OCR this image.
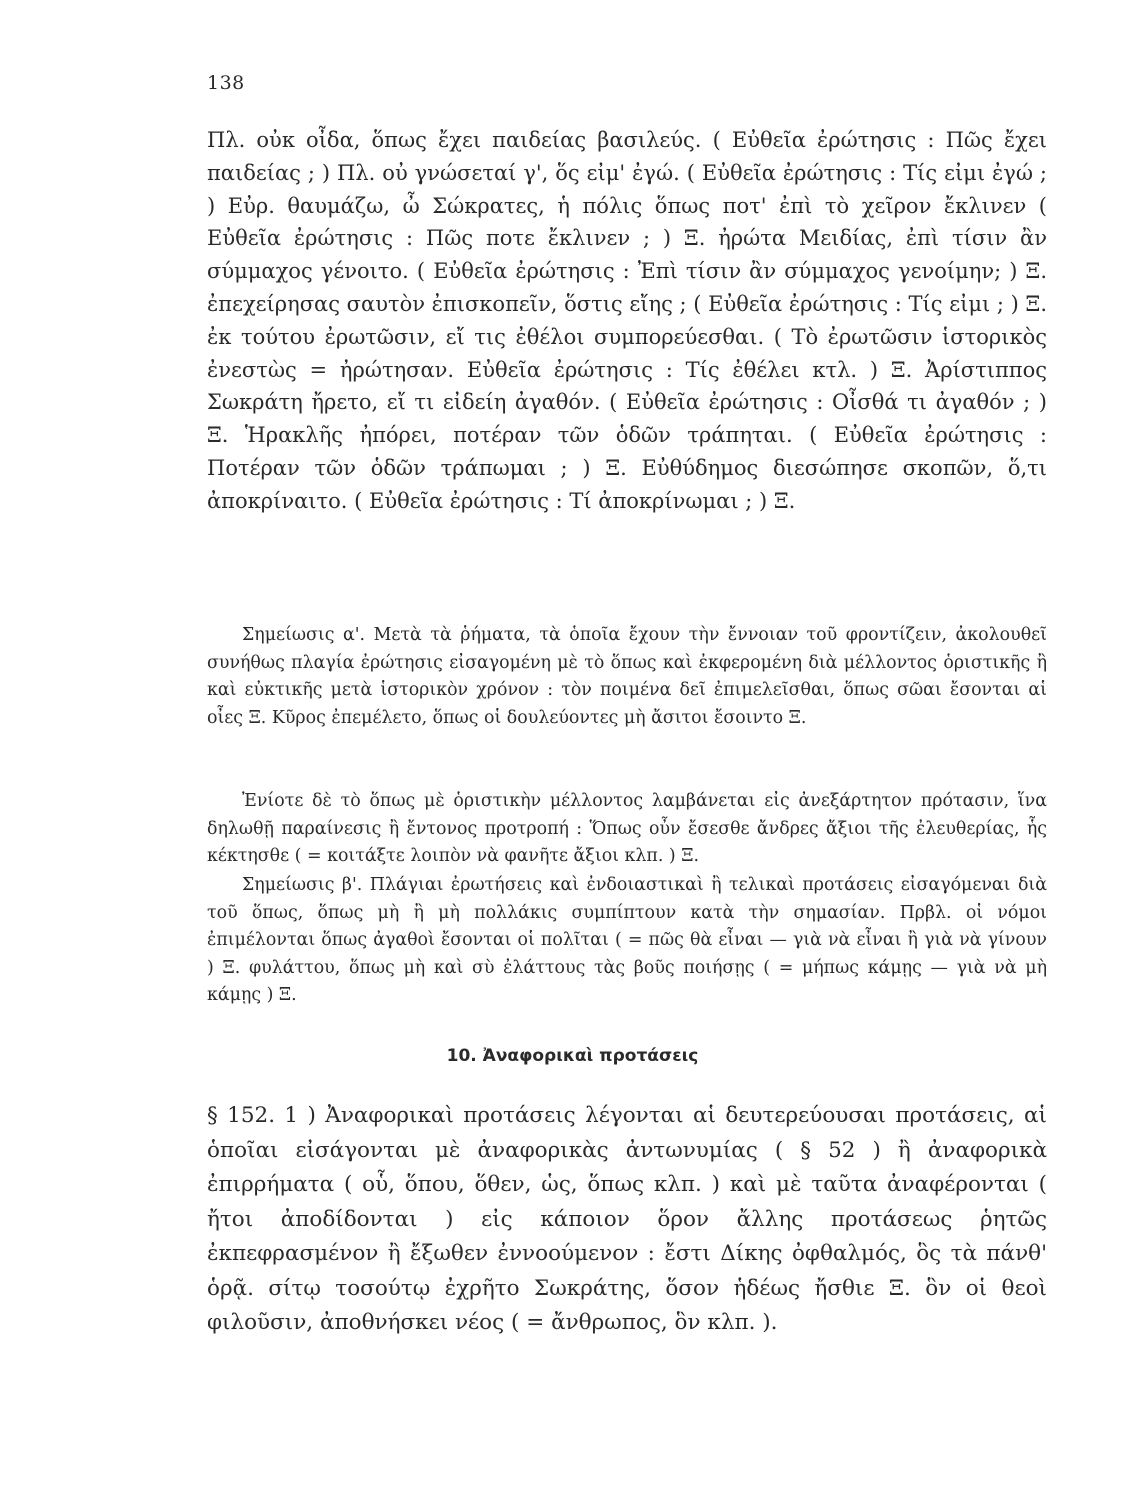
138

Πλ. οὐκ οἶδα, ὅπως ἔχει παιδείας βασιλεύς. ( Εὐθεῖα ἐρώτησις : Πῶς ἔχει παιδείας ; ) Πλ. οὐ γνώσεταί γ', ὅς εἰμ' ἐγώ. ( Εὐθεῖα ἐρώτησις : Τίς εἰμι ἐγώ ; ) Εὐρ. θαυμάζω, ὦ Σώκρατες, ἡ πόλις ὅπως ποτ' ἐπὶ τὸ χεῖρον ἔκλινεν ( Εὐθεῖα ἐρώτησις : Πῶς ποτε ἔκλινεν ; ) Ξ. ἠρώτα Μειδίας, ἐπὶ τίσιν ἂν σύμμαχος γένοιτο. ( Εὐθεῖα ἐρώτησις : Ἐπὶ τίσιν ἂν σύμμαχος γενοίμην; ) Ξ. ἐπεχείρησας σαυτὸν ἐπισκοπεῖν, ὅστις εἴης ; ( Εὐθεῖα ἐρώτησις : Τίς εἰμι ; ) Ξ. ἐκ τούτου ἐρωτῶσιν, εἴ τις ἐθέλοι συμπορεύεσθαι. ( Τὸ ἐρωτῶσιν ἱστορικὸς ἐνεστὼς = ἠρώτησαν. Εὐθεῖα ἐρώτησις : Τίς ἐθέλει κτλ. ) Ξ. Ἀρίστιππος Σωκράτη ἤρετο, εἴ τι εἰδείη ἀγαθόν. ( Εὐθεῖα ἐρώτησις : Οἶσθά τι ἀγαθόν ; ) Ξ. Ἡρακλῆς ἠπόρει, ποτέραν τῶν ὁδῶν τράπηται. ( Εὐθεῖα ἐρώτησις : Ποτέραν τῶν ὁδῶν τράπωμαι ; ) Ξ. Εὐθύδημος διεσώπησε σκοπῶν, ὅ,τι ἀποκρίναιτο. ( Εὐθεῖα ἐρώτησις : Τί ἀποκρίνωμαι ; ) Ξ.

Σημείωσις α'. Μετὰ τὰ ῥήματα, τὰ ὁποῖα ἔχουν τὴν ἔννοιαν τοῦ φροντίζειν, ἀκολουθεῖ συνήθως πλαγία ἐρώτησις εἰσαγομένη μὲ τὸ ὅπως καὶ ἐκφερομένη διὰ μέλλοντος ὁριστικῆς ἢ καὶ εὐκτικῆς μετὰ ἱστορικὸν χρόνον : τὸν ποιμένα δεῖ ἐπιμελεῖσθαι, ὅπως σῶαι ἔσονται αἱ οἶες Ξ. Κῦρος ἐπεμέλετο, ὅπως οἱ δουλεύοντες μὴ ἄσιτοι ἔσοιντο Ξ.

Ἐνίοτε δὲ τὸ ὅπως μὲ ὁριστικὴν μέλλοντος λαμβάνεται εἰς ἀνεξάρτητον πρότασιν, ἵνα δηλωθῇ παραίνεσις ἢ ἔντονος προτροπή : Ὅπως οὖν ἔσεσθε ἄνδρες ἄξιοι τῆς ἐλευθερίας, ἧς κέκτησθε ( = κοιτάξτε λοιπὸν νὰ φανῆτε ἄξιοι κλπ. ) Ξ.

Σημείωσις β'. Πλάγιαι ἐρωτήσεις καὶ ἐνδοιαστικαὶ ἢ τελικαὶ προτάσεις εἰσαγόμεναι διὰ τοῦ ὅπως, ὅπως μὴ ἢ μὴ πολλάκις συμπίπτουν κατὰ τὴν σημασίαν. Πρβλ. οἱ νόμοι ἐπιμέλονται ὅπως ἀγαθοὶ ἔσονται οἱ πολῖται ( = πῶς θὰ εἶναι — γιὰ νὰ εἶναι ἢ γιὰ νὰ γίνουν ) Ξ. φυλάττου, ὅπως μὴ καὶ σὺ ἐλάττους τὰς βοῦς ποιήσῃς ( = μήπως κάμῃς — γιὰ νὰ μὴ κάμῃς ) Ξ.

10. Ἀναφορικαὶ προτάσεις

§ 152. 1 ) Ἀναφορικαὶ προτάσεις λέγονται αἱ δευτερεύουσαι προτάσεις, αἱ ὁποῖαι εἰσάγονται μὲ ἀναφορικὰς ἀντωνυμίας ( § 52 ) ἢ ἀναφορικὰ ἐπιρρήματα ( οὗ, ὅπου, ὅθεν, ὡς, ὅπως κλπ. ) καὶ μὲ ταῦτα ἀναφέρονται ( ἤτοι ἀποδίδονται ) εἰς κάποιον ὅρον ἄλλης προτάσεως ῥητῶς ἐκπεφρασμένον ἢ ἔξωθεν ἐννοούμενον : ἔστι Δίκης ὀφθαλμός, ὃς τὰ πάνθ' ὁρᾷ. σίτῳ τοσούτῳ ἐχρῆτο Σωκράτης, ὅσον ἡδέως ἤσθιε Ξ. ὃν οἱ θεοὶ φιλοῦσιν, ἀποθνήσκει νέος ( = ἄνθρωπος, ὃν κλπ. ).
